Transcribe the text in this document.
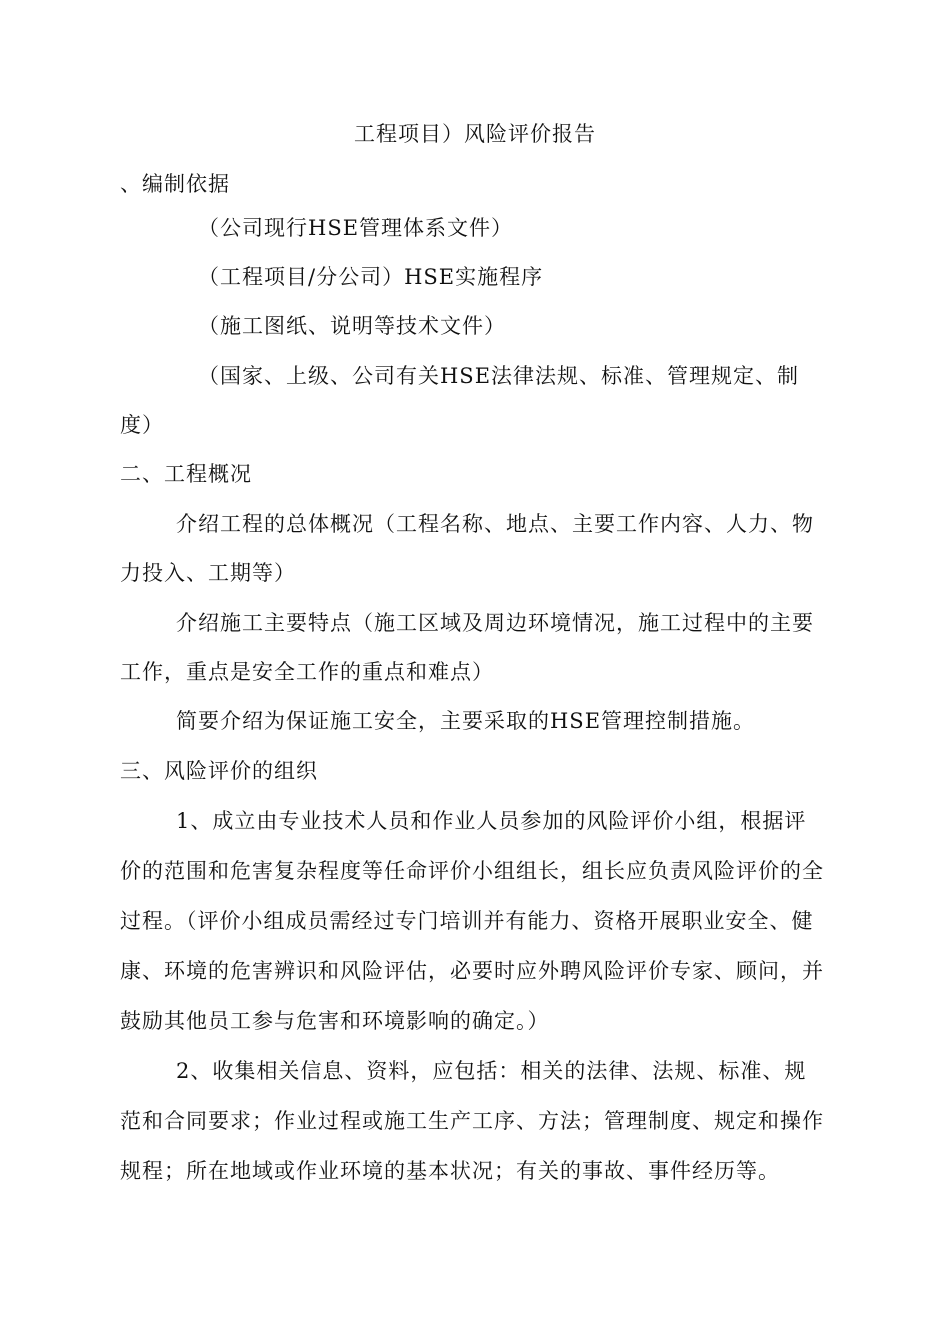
工程项目）风险评价报告
、编制依据
（公司现行HSE管理体系文件）
（工程项目/分公司）HSE实施程序
（施工图纸、说明等技术文件）
（国家、上级、公司有关HSE法律法规、标准、管理规定、制
度）
二、工程概况
介绍工程的总体概况（工程名称、地点、主要工作内容、人力、物
力投入、工期等）
介绍施工主要特点（施工区域及周边环境情况，施工过程中的主要
工作，重点是安全工作的重点和难点）
简要介绍为保证施工安全，主要采取的HSE管理控制措施。
三、风险评价的组织
1、成立由专业技术人员和作业人员参加的风险评价小组，根据评
价的范围和危害复杂程度等任命评价小组组长，组长应负责风险评价的全
过程。（评价小组成员需经过专门培训并有能力、资格开展职业安全、健
康、环境的危害辨识和风险评估，必要时应外聘风险评价专家、顾问，并
鼓励其他员工参与危害和环境影响的确定。）
2、收集相关信息、资料，应包括：相关的法律、法规、标准、规
范和合同要求；作业过程或施工生产工序、方法；管理制度、规定和操作
规程；所在地域或作业环境的基本状况；有关的事故、事件经历等。
